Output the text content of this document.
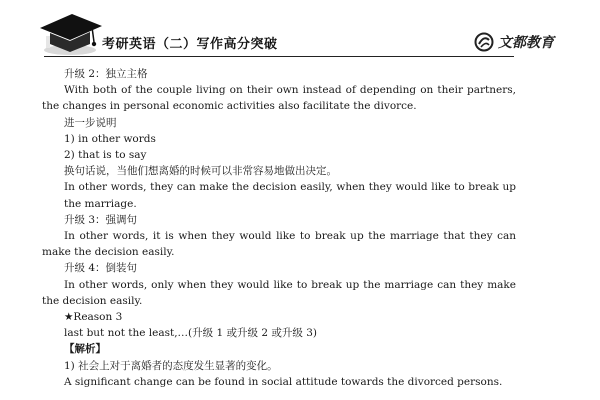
考研英语（二）写作高分突破	文都教育

升级 2：独立主格

With both of the couple living on their own instead of depending on their partners, the changes in personal economic activities also facilitate the divorce.

进一步说明

1) in other words

2) that is to say

换句话说，当他们想离婚的时候可以非常容易地做出决定。

In other words, they can make the decision easily, when they would like to break up the marriage.

升级 3：强调句

In other words, it is when they would like to break up the marriage that they can make the decision easily.

升级 4：倒装句

In other words, only when they would like to break up the marriage can they make the decision easily.

★Reason 3

last but not the least,…(升级 1 或升级 2 或升级 3)

【解析】

1) 社会上对于离婚者的态度发生显著的变化。

A significant change can be found in social attitude towards the divorced persons.
